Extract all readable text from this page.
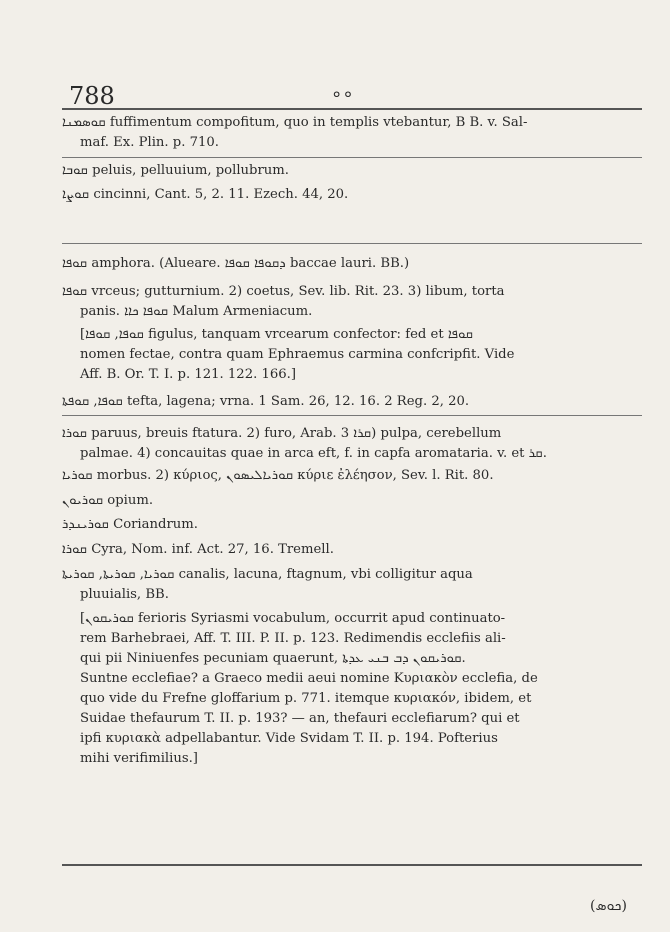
788	ܘ ܘ
ܩܘܣܡܢܐ fuffimentum compofitum, quo in templis vtebantur, B B. v. Sal-
maf. Ex. Plin. p. 710.
ܩܘܒܐ peluis, pelluuium, pollubrum.
ܩܘܨܐ cincinni, Cant. 5, 2. 11. Ezech. 44, 20.
ܩܘܦܐ amphora. (Alueare. ܕܩܘܦܐ ܩܘܦܐ baccae lauri. BB.)
ܩܘܦܐ vrceus; gutturnium. 2) coetus, Sev. lib. Rit. 23. 3) libum, torta
panis. ܩܘܦܐ ܟܐܐ Malum Armeniacum.
[ܩܘܦܐ, ܩܘܦܐ figulus, tanquam vrcearum confector: fed et ܩܘܦܐ
nomen fectae, contra quam Ephraemus carmina confcripfit. Vide
Aff. B. Or. T. I. p. 121. 122. 166.]
ܩܘܦܐ, ܩܘܦܬܐ tefta, lagena; vrna. 1 Sam. 26, 12. 16. 2 Reg. 2, 20.
ܩܘܪܐ paruus, breuis ftatura. 2) furo, Arab. ܩܪܐ 3) pulpa, cerebellum
palmae. 4) concauitas quae in arca eft, f. in capfa aromataria. v. et ܩܪ.
ܩܘܪܝܐ morbus. 2) κύριος, ܩܘܪܝܐܠܝܣܘܢ κύριε ἐλέησον, Sev. l. Rit. 80.
ܩܘܪܝܘܢ opium.
ܩܘܪܝܢܕܪ Coriandrum.
ܩܘܪܐ Cyra, Nom. inf. Act. 27, 16. Tremell.
ܩܘܪܝܐ, ܩܘܪܝܬܐ, ܩܘܪܝܬܐ canalis, lacuna, ftagnum, vbi colligitur aqua
pluuialis, BB.
[ܩܘܪܝܩܘܢ ferioris Syriasmi vocabulum, occurrit apud continuato-
rem Barhebraei, Aff. T. III. P. II. p. 123. Redimendis ecclefiis ali-
qui pii Niniuenfes pecuniam quaerunt, ܩܘܪܝܩܘܢ ܕܒ ܒܢܝ ܥܕܬܐ.
Suntne ecclefiae? a Graeco medii aeui nomine Κυριακὸν ecclefia, de
quo vide du Frefne gloffarium p. 771. itemque κυριακόν, ibidem, et
Suidae thefaurum T. II. p. 193? — an, thefauri ecclefiarum? qui et
ipfi κυριακὰ adpellabantur. Vide Svidam T. II. p. 194. Pofterius
mihi verifimilius.]
(ܟܘܣ)
